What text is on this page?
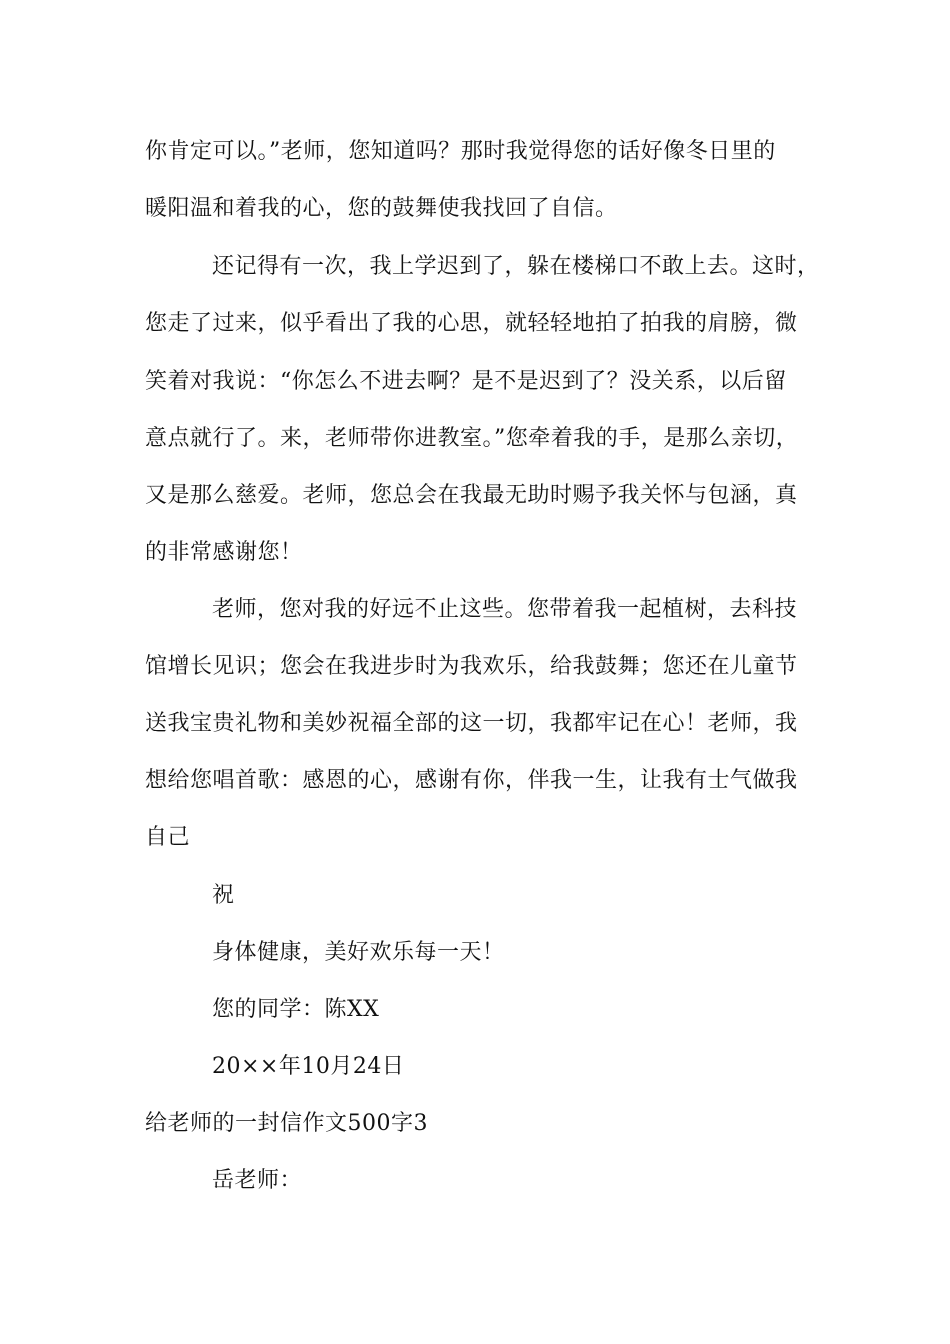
你肯定可以。”老师，您知道吗？那时我觉得您的话好像冬日里的
暖阳温和着我的心，您的鼓舞使我找回了自信。
还记得有一次，我上学迟到了，躲在楼梯口不敢上去。这时，
您走了过来，似乎看出了我的心思，就轻轻地拍了拍我的肩膀，微
笑着对我说：“你怎么不进去啊？是不是迟到了？没关系，以后留
意点就行了。来，老师带你进教室。”您牵着我的手，是那么亲切，
又是那么慈爱。老师，您总会在我最无助时赐予我关怀与包涵，真
的非常感谢您！
老师，您对我的好远不止这些。您带着我一起植树，去科技
馆增长见识；您会在我进步时为我欢乐，给我鼓舞；您还在儿童节
送我宝贵礼物和美妙祝福全部的这一切，我都牢记在心！老师，我
想给您唱首歌：感恩的心，感谢有你，伴我一生，让我有士气做我
自己
祝
身体健康，美好欢乐每一天！
您的同学：陈XX
20××年10月24日
给老师的一封信作文500字3
岳老师：
